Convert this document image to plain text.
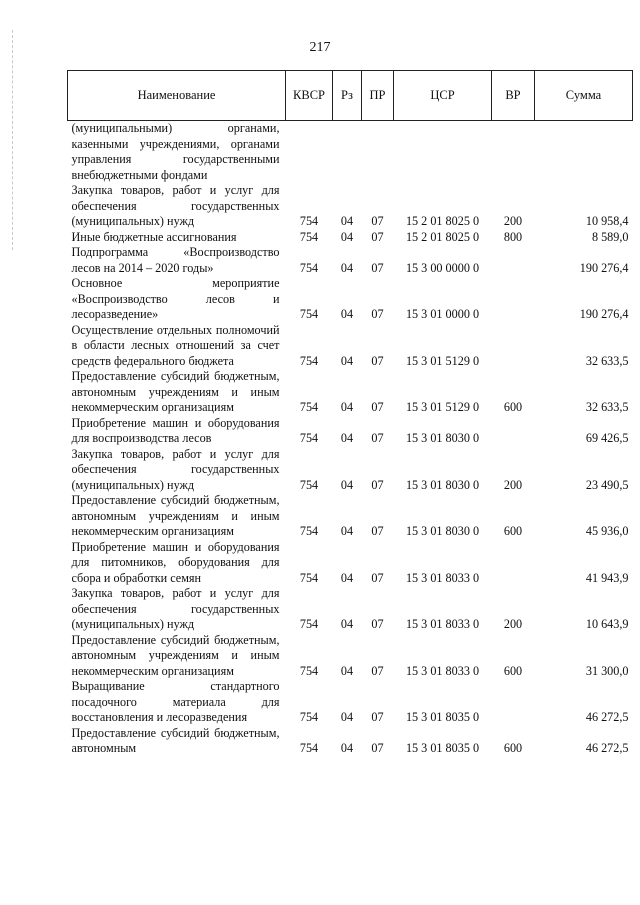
217
Наименование	КВСР	Рз	ПР	ЦСР	ВР	Сумма
(муниципальными) органами, казенными учреждениями, органами управления государственными внебюджетными фондами						
Закупка товаров, работ и услуг для обеспечения государственных (муниципальных) нужд	754	04	07	15 2 01 8025 0	200	10 958,4
Иные бюджетные ассигнования	754	04	07	15 2 01 8025 0	800	8 589,0
Подпрограмма «Воспроизводство лесов на 2014 – 2020 годы»	754	04	07	15 3 00 0000 0		190 276,4
Основное мероприятие «Воспроизводство лесов и лесоразведение»	754	04	07	15 3 01 0000 0		190 276,4
Осуществление отдельных полномочий в области лесных отношений за счет средств федерального бюджета	754	04	07	15 3 01 5129 0		32 633,5
Предоставление субсидий бюджетным, автономным учреждениям и иным некоммерческим организациям	754	04	07	15 3 01 5129 0	600	32 633,5
Приобретение машин и оборудования для воспроизводства лесов	754	04	07	15 3 01 8030 0		69 426,5
Закупка товаров, работ и услуг для обеспечения государственных (муниципальных) нужд	754	04	07	15 3 01 8030 0	200	23 490,5
Предоставление субсидий бюджетным, автономным учреждениям и иным некоммерческим организациям	754	04	07	15 3 01 8030 0	600	45 936,0
Приобретение машин и оборудования для питомников, оборудования для сбора и обработки семян	754	04	07	15 3 01 8033 0		41 943,9
Закупка товаров, работ и услуг для обеспечения государственных (муниципальных) нужд	754	04	07	15 3 01 8033 0	200	10 643,9
Предоставление субсидий бюджетным, автономным учреждениям и иным некоммерческим организациям	754	04	07	15 3 01 8033 0	600	31 300,0
Выращивание стандартного посадочного материала для восстановления и лесоразведения	754	04	07	15 3 01 8035 0		46 272,5
Предоставление субсидий бюджетным, автономным	754	04	07	15 3 01 8035 0	600	46 272,5
